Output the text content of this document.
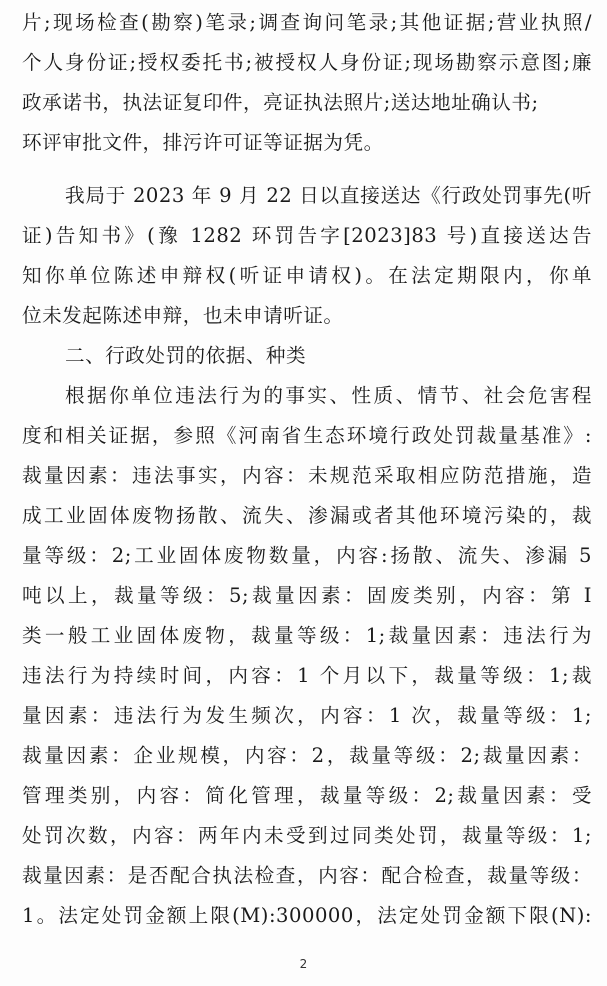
片;现场检查(勘察)笔录;调查询问笔录;其他证据;营业执照/
个人身份证;授权委托书;被授权人身份证;现场勘察示意图;廉
政承诺书，执法证复印件，亮证执法照片;送达地址确认书;
环评审批文件，排污许可证等证据为凭。
我局于 2023 年 9 月 22 日以直接送达《行政处罚事先(听
证)告知书》(豫 1282 环罚告字[2023]83 号)直接送达告
知你单位陈述申辩权(听证申请权)。在法定期限内，你单
位未发起陈述申辩，也未申请听证。
二、行政处罚的依据、种类
根据你单位违法行为的事实、性质、情节、社会危害程
度和相关证据，参照《河南省生态环境行政处罚裁量基准》:
裁量因素：违法事实，内容：未规范采取相应防范措施，造
成工业固体废物扬散、流失、渗漏或者其他环境污染的，裁
量等级：2;工业固体废物数量，内容:扬散、流失、渗漏 5
吨以上，裁量等级：5;裁量因素：固废类别，内容：第 I
类一般工业固体废物，裁量等级：1;裁量因素：违法行为
违法行为持续时间，内容：1 个月以下，裁量等级：1;裁
量因素：违法行为发生频次，内容：1 次，裁量等级：1;
裁量因素：企业规模，内容：2，裁量等级：2;裁量因素：
管理类别，内容：简化管理，裁量等级：2;裁量因素：受
处罚次数，内容：两年内未受到过同类处罚，裁量等级：1;
裁量因素：是否配合执法检查，内容：配合检查，裁量等级：
1。法定处罚金额上限(M):300000，法定处罚金额下限(N):
2
